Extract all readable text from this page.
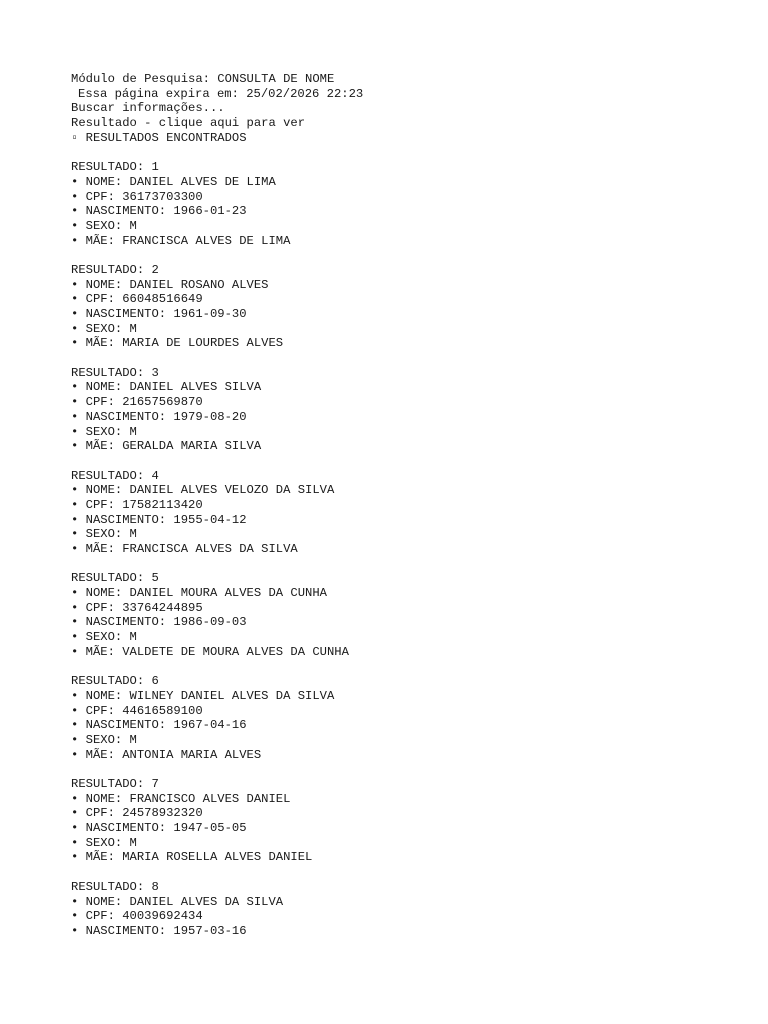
Módulo de Pesquisa: CONSULTA DE NOME
Essa página expira em: 25/02/2026 22:23
Buscar informações...
Resultado - clique aqui para ver
▫ RESULTADOS ENCONTRADOS
RESULTADO: 1
• NOME: DANIEL ALVES DE LIMA
• CPF: 36173703300
• NASCIMENTO: 1966-01-23
• SEXO: M
• MÃE: FRANCISCA ALVES DE LIMA
RESULTADO: 2
• NOME: DANIEL ROSANO ALVES
• CPF: 66048516649
• NASCIMENTO: 1961-09-30
• SEXO: M
• MÃE: MARIA DE LOURDES ALVES
RESULTADO: 3
• NOME: DANIEL ALVES SILVA
• CPF: 21657569870
• NASCIMENTO: 1979-08-20
• SEXO: M
• MÃE: GERALDA MARIA SILVA
RESULTADO: 4
• NOME: DANIEL ALVES VELOZO DA SILVA
• CPF: 17582113420
• NASCIMENTO: 1955-04-12
• SEXO: M
• MÃE: FRANCISCA ALVES DA SILVA
RESULTADO: 5
• NOME: DANIEL MOURA ALVES DA CUNHA
• CPF: 33764244895
• NASCIMENTO: 1986-09-03
• SEXO: M
• MÃE: VALDETE DE MOURA ALVES DA CUNHA
RESULTADO: 6
• NOME: WILNEY DANIEL ALVES DA SILVA
• CPF: 44616589100
• NASCIMENTO: 1967-04-16
• SEXO: M
• MÃE: ANTONIA MARIA ALVES
RESULTADO: 7
• NOME: FRANCISCO ALVES DANIEL
• CPF: 24578932320
• NASCIMENTO: 1947-05-05
• SEXO: M
• MÃE: MARIA ROSELLA ALVES DANIEL
RESULTADO: 8
• NOME: DANIEL ALVES DA SILVA
• CPF: 40039692434
• NASCIMENTO: 1957-03-16
